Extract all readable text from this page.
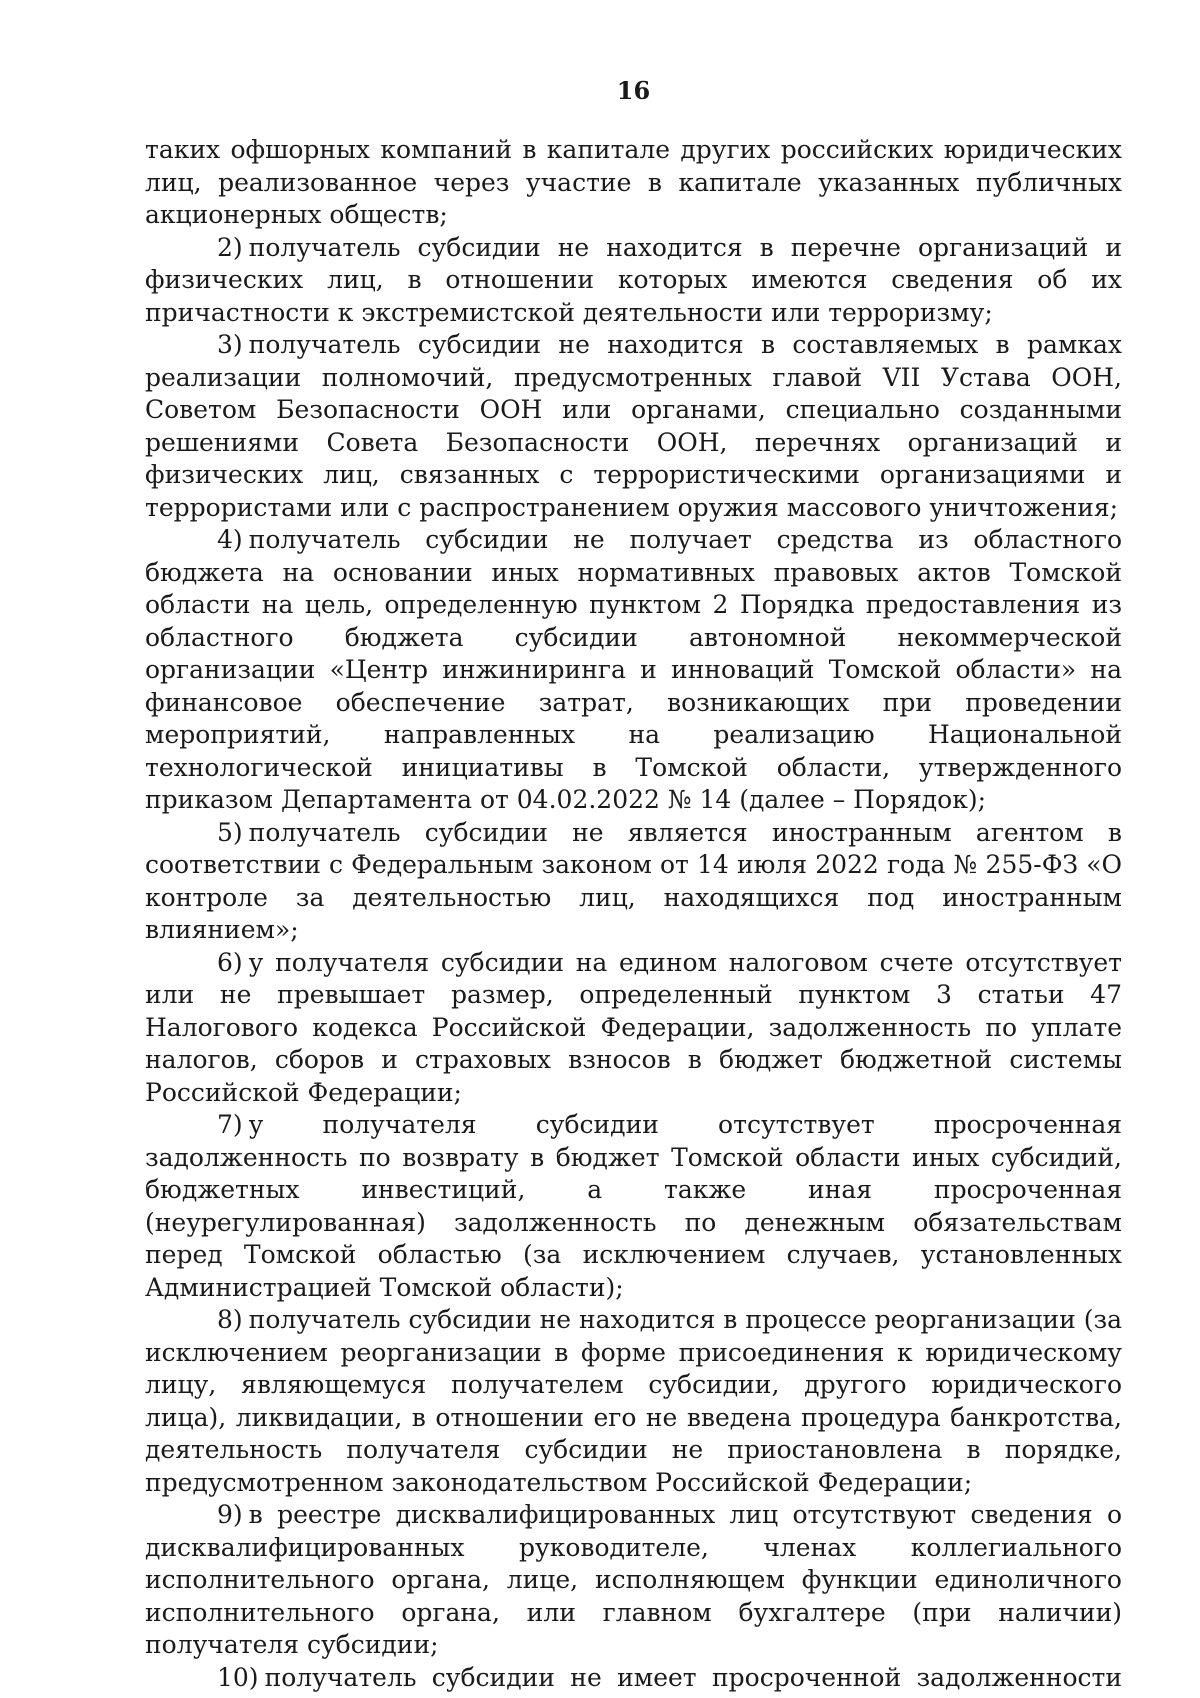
16

таких офшорных компаний в капитале других российских юридических лиц, реализованное через участие в капитале указанных публичных акционерных обществ;

2) получатель субсидии не находится в перечне организаций и физических лиц, в отношении которых имеются сведения об их причастности к экстремистской деятельности или терроризму;

3) получатель субсидии не находится в составляемых в рамках реализации полномочий, предусмотренных главой VII Устава ООН, Советом Безопасности ООН или органами, специально созданными решениями Совета Безопасности ООН, перечнях организаций и физических лиц, связанных с террористическими организациями и террористами или с распространением оружия массового уничтожения;

4) получатель субсидии не получает средства из областного бюджета на основании иных нормативных правовых актов Томской области на цель, определенную пунктом 2 Порядка предоставления из областного бюджета субсидии автономной некоммерческой организации «Центр инжиниринга и инноваций Томской области» на финансовое обеспечение затрат, возникающих при проведении мероприятий, направленных на реализацию Национальной технологической инициативы в Томской области, утвержденного приказом Департамента от 04.02.2022 № 14 (далее – Порядок);

5) получатель субсидии не является иностранным агентом в соответствии с Федеральным законом от 14 июля 2022 года № 255-ФЗ «О контроле за деятельностью лиц, находящихся под иностранным влиянием»;

6) у получателя субсидии на едином налоговом счете отсутствует или не превышает размер, определенный пунктом 3 статьи 47 Налогового кодекса Российской Федерации, задолженность по уплате налогов, сборов и страховых взносов в бюджет бюджетной системы Российской Федерации;

7) у получателя субсидии отсутствует просроченная задолженность по возврату в бюджет Томской области иных субсидий, бюджетных инвестиций, а также иная просроченная (неурегулированная) задолженность по денежным обязательствам перед Томской областью (за исключением случаев, установленных Администрацией Томской области);

8) получатель субсидии не находится в процессе реорганизации (за исключением реорганизации в форме присоединения к юридическому лицу, являющемуся получателем субсидии, другого юридического лица), ликвидации, в отношении его не введена процедура банкротства, деятельность получателя субсидии не приостановлена в порядке, предусмотренном законодательством Российской Федерации;

9) в реестре дисквалифицированных лиц отсутствуют сведения о дисквалифицированных руководителе, членах коллегиального исполнительного органа, лице, исполняющем функции единоличного исполнительного органа, или главном бухгалтере (при наличии) получателя субсидии;

10) получатель субсидии не имеет просроченной задолженности
